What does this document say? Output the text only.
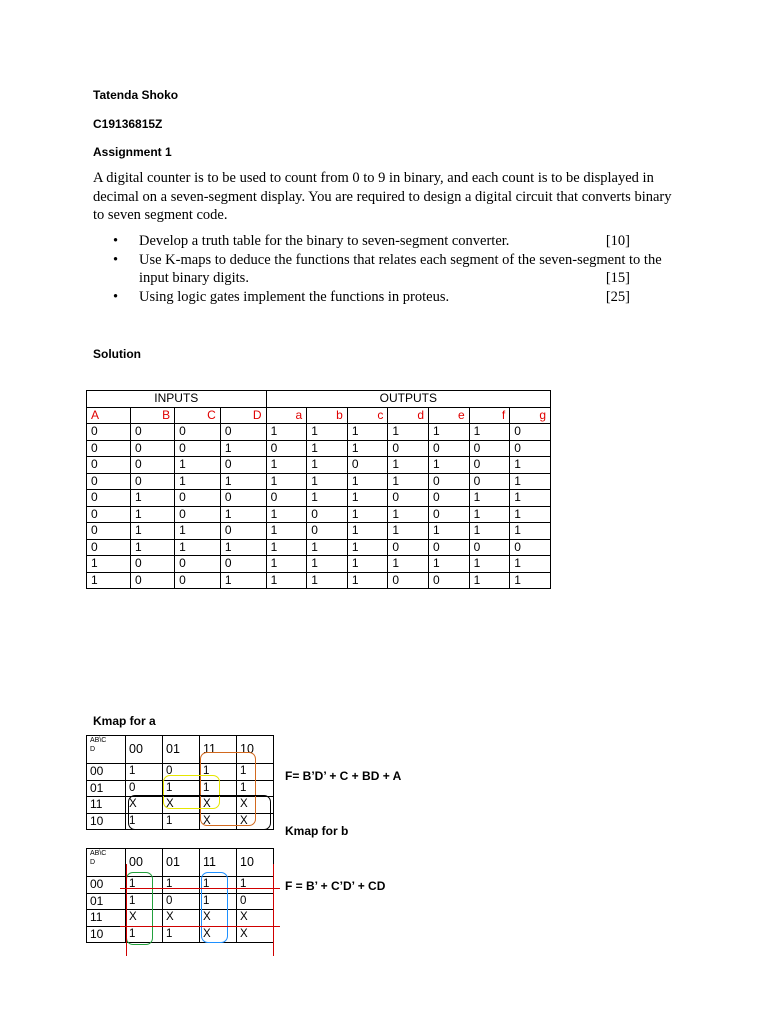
Tatenda Shoko
C19136815Z
Assignment 1
A digital counter is to be used to count from 0 to 9 in binary, and each count is to be displayed in decimal on a seven-segment display. You are required to design a digital circuit that converts binary to seven segment code.
• Develop a truth table for the binary to seven-segment converter.	[10]
• Use K-maps to deduce the functions that relates each segment of the seven-segment to the input binary digits.	[15]
• Using logic gates implement the functions in proteus.	[25]
Solution
INPUTS				OUTPUTS						
A	B	C	D	a	b	c	d	e	f	g
0	0	0	0	1	1	1	1	1	1	0
0	0	0	1	0	1	1	0	0	0	0
0	0	1	0	1	1	0	1	1	0	1
0	0	1	1	1	1	1	1	0	0	1
0	1	0	0	0	1	1	0	0	1	1
0	1	0	1	1	0	1	1	0	1	1
0	1	1	0	1	0	1	1	1	1	1
0	1	1	1	1	1	1	0	0	0	0
1	0	0	0	1	1	1	1	1	1	1
1	0	0	1	1	1	1	0	0	1	1
Kmap for a
AB\C
D	00	01	11	10
00	1	0	1	1
01	0	1	1	1
11	X	X	X	X
10	1	1	X	X
F= B’D’ + C + BD + A
Kmap for b
AB\C
D	00	01	11	10
00	1	1	1	1
01	1	0	1	0
11	X	X	X	X
10	1	1	X	X
F = B’ + C’D’ + CD
